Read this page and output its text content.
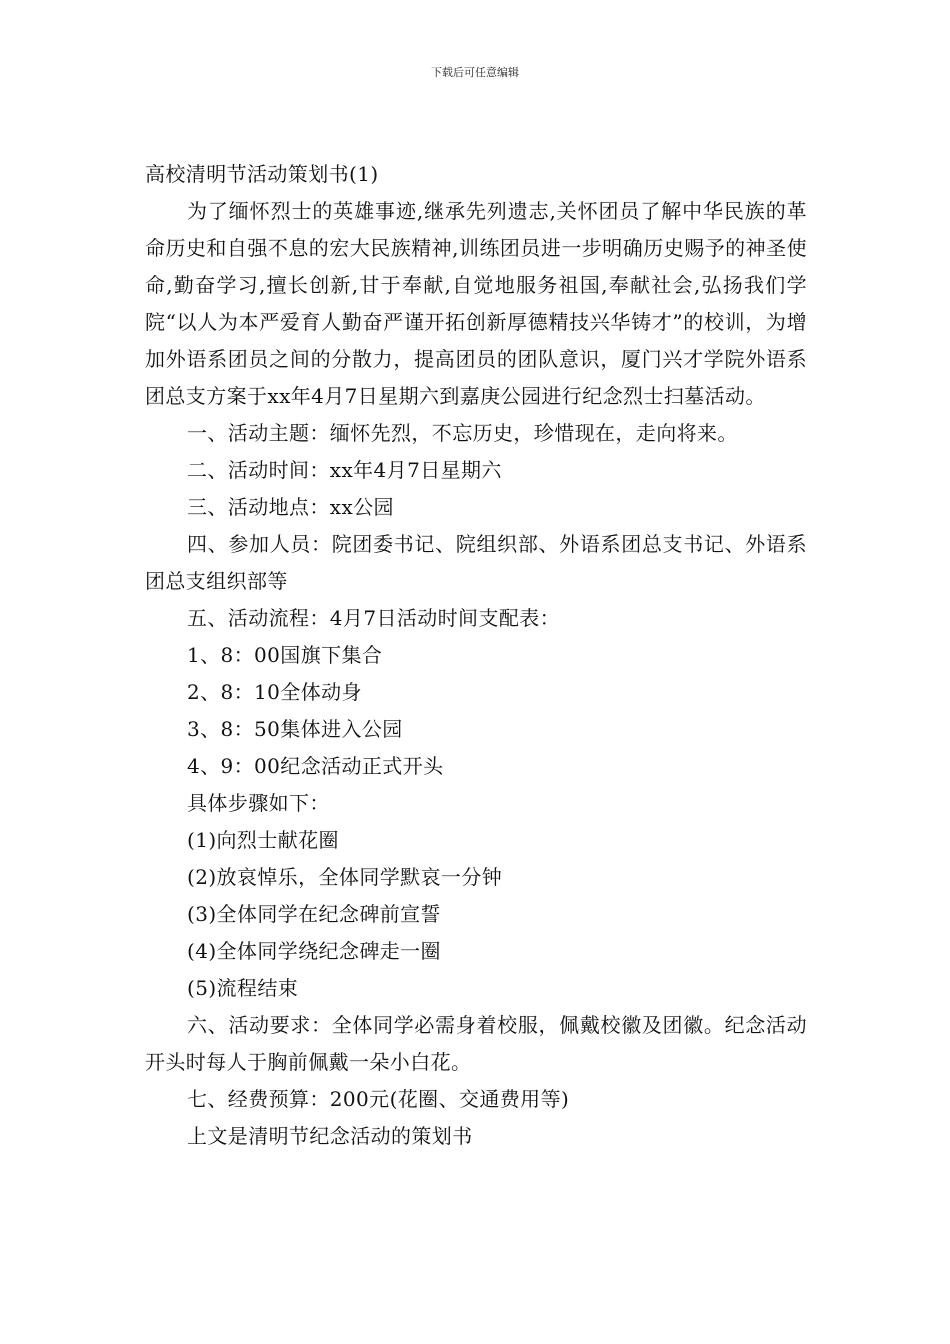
下载后可任意编辑

高校清明节活动策划书(1)

为了缅怀烈士的英雄事迹,继承先列遗志,关怀团员了解中华民族的革命历史和自强不息的宏大民族精神,训练团员进一步明确历史赐予的神圣使命,勤奋学习,擅长创新,甘于奉献,自觉地服务祖国,奉献社会,弘扬我们学院“以人为本严爱育人勤奋严谨开拓创新厚德精技兴华铸才”的校训，为增加外语系团员之间的分散力，提高团员的团队意识，厦门兴才学院外语系团总支方案于xx年4月7日星期六到嘉庚公园进行纪念烈士扫墓活动。

一、活动主题：缅怀先烈，不忘历史，珍惜现在，走向将来。

二、活动时间：xx年4月7日星期六

三、活动地点：xx公园

四、参加人员：院团委书记、院组织部、外语系团总支书记、外语系团总支组织部等

五、活动流程：4月7日活动时间支配表：

1、8：00国旗下集合

2、8：10全体动身

3、8：50集体进入公园

4、9：00纪念活动正式开头

具体步骤如下：

(1)向烈士献花圈

(2)放哀悼乐，全体同学默哀一分钟

(3)全体同学在纪念碑前宣誓

(4)全体同学绕纪念碑走一圈

(5)流程结束

六、活动要求：全体同学必需身着校服，佩戴校徽及团徽。纪念活动开头时每人于胸前佩戴一朵小白花。

七、经费预算：200元(花圈、交通费用等)

上文是清明节纪念活动的策划书
